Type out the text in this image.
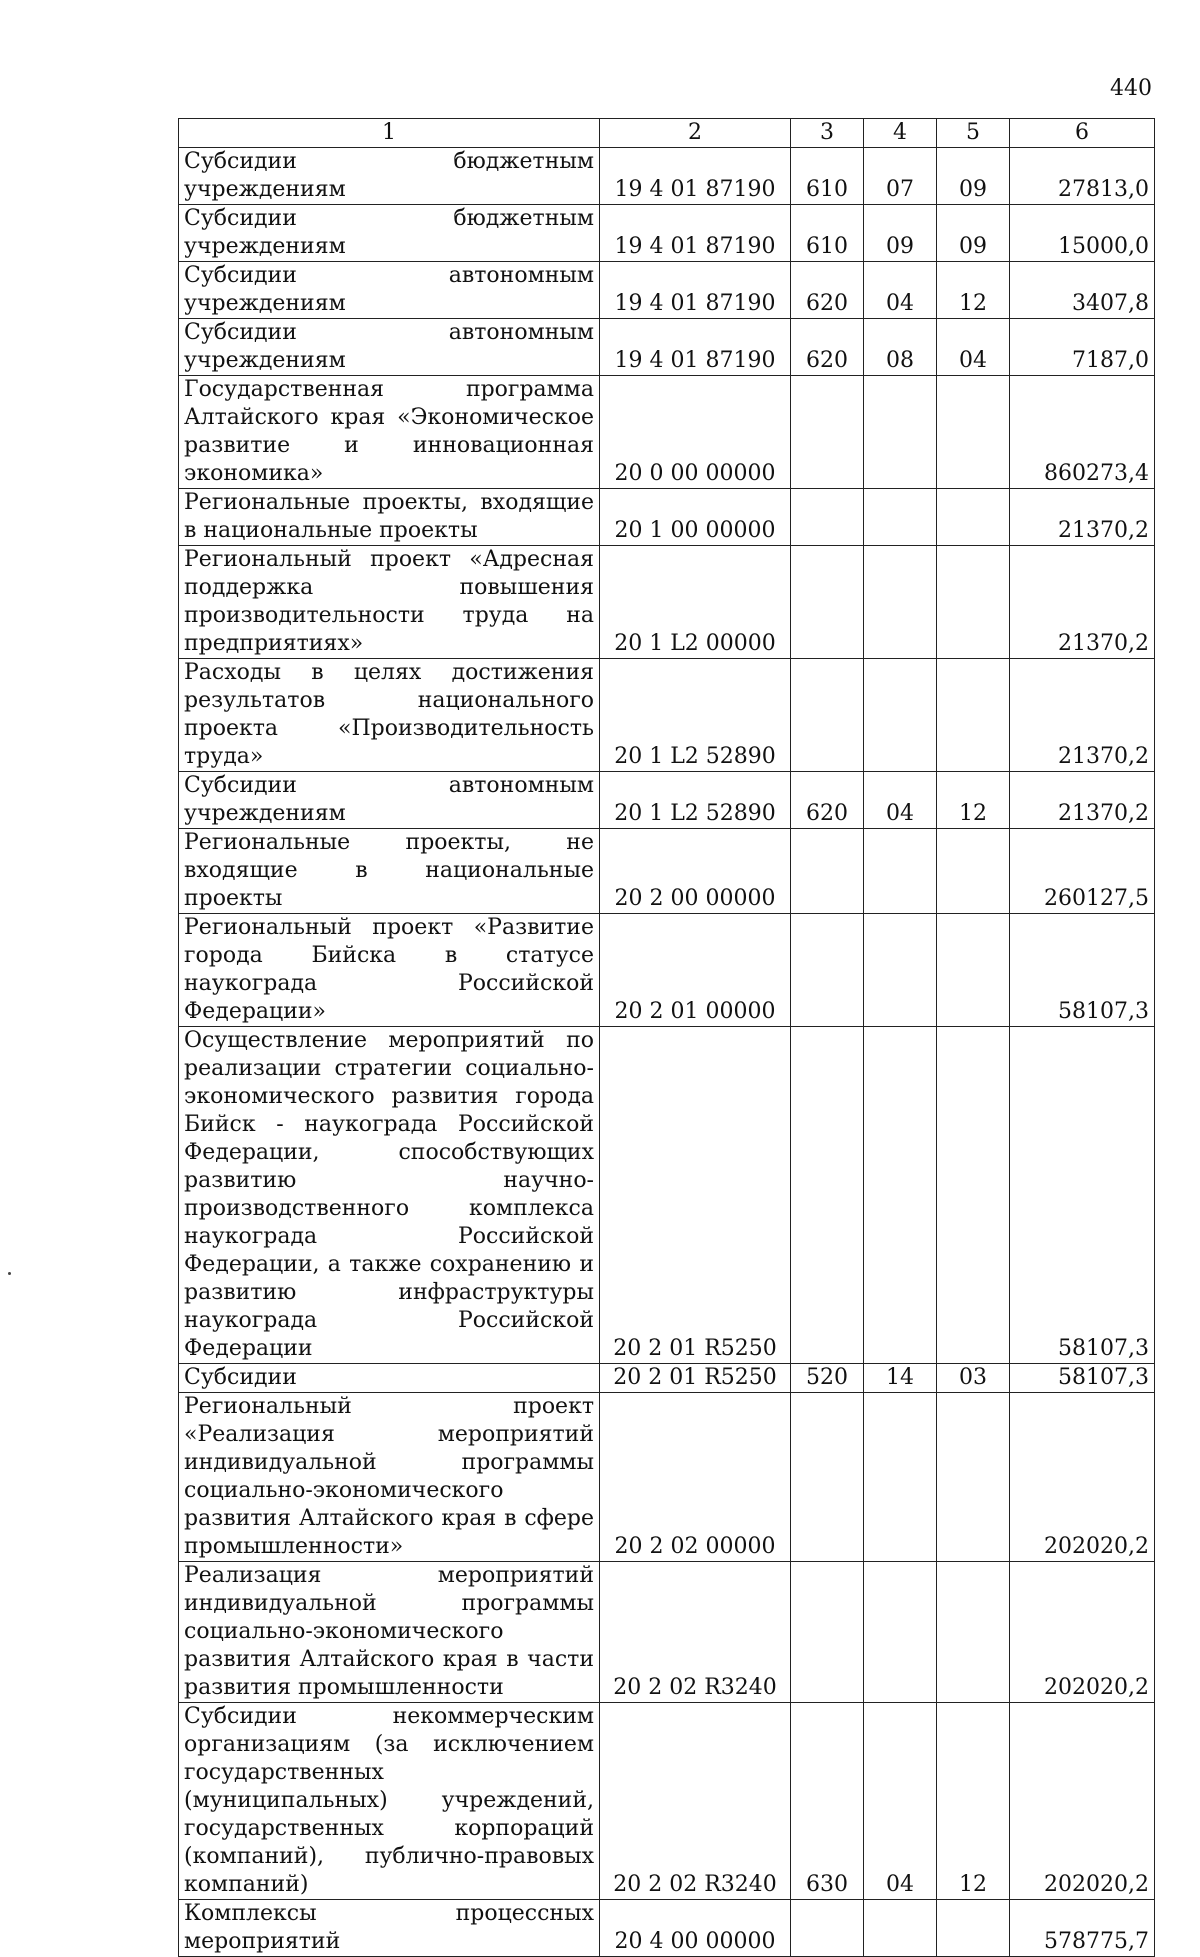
440
1	2	3	4	5	6
Субсидии бюджетным учреждениям	19 4 01 87190	610	07	09	27813,0
Субсидии бюджетным учреждениям	19 4 01 87190	610	09	09	15000,0
Субсидии автономным учреждениям	19 4 01 87190	620	04	12	3407,8
Субсидии автономным учреждениям	19 4 01 87190	620	08	04	7187,0
Государственная программа Алтайского края «Экономическое развитие и инновационная экономика»	20 0 00 00000				860273,4
Региональные проекты, входящие в национальные проекты	20 1 00 00000				21370,2
Региональный проект «Адресная поддержка повышения производительности труда на предприятиях»	20 1 L2 00000				21370,2
Расходы в целях достижения результатов национального проекта «Производительность труда»	20 1 L2 52890				21370,2
Субсидии автономным учреждениям	20 1 L2 52890	620	04	12	21370,2
Региональные проекты, не входящие в национальные проекты	20 2 00 00000				260127,5
Региональный проект «Развитие города Бийска в статусе наукограда Российской Федерации»	20 2 01 00000				58107,3
Осуществление мероприятий по реализации стратегии социально-экономического развития города Бийск - наукограда Российской Федерации, способствующих развитию научно-производственного комплекса наукограда Российской Федерации, а также сохранению и развитию инфраструктуры наукограда Российской Федерации	20 2 01 R5250				58107,3
Субсидии	20 2 01 R5250	520	14	03	58107,3
Региональный проект «Реализация мероприятий индивидуальной программы социально-экономического развития Алтайского края в сфере промышленности»	20 2 02 00000				202020,2
Реализация мероприятий индивидуальной программы социально-экономического развития Алтайского края в части развития промышленности	20 2 02 R3240				202020,2
Субсидии некоммерческим организациям (за исключением государственных (муниципальных) учреждений, государственных корпораций (компаний), публично-правовых компаний)	20 2 02 R3240	630	04	12	202020,2
Комплексы процессных мероприятий	20 4 00 00000				578775,7
